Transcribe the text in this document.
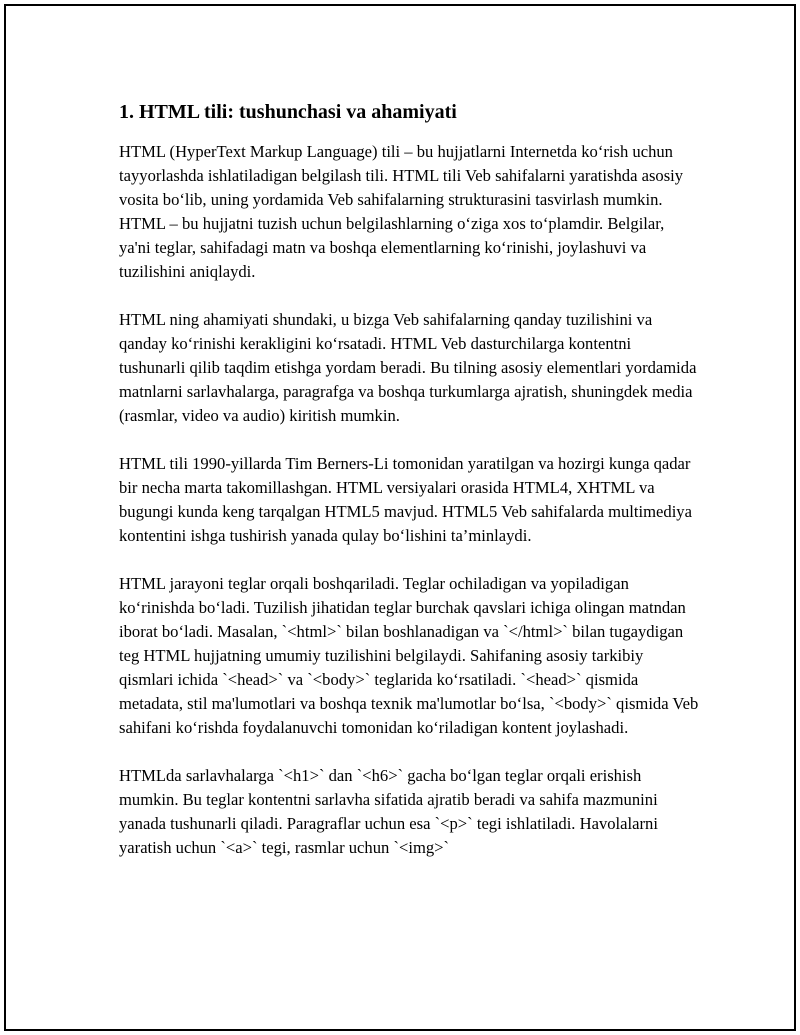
1. HTML tili: tushunchasi va ahamiyati

HTML (HyperText Markup Language) tili – bu hujjatlarni Internetda koʻrish uchun tayyorlashda ishlatiladigan belgilash tili. HTML tili Veb sahifalarni yaratishda asosiy vosita boʻlib, uning yordamida Veb sahifalarning strukturasini tasvirlash mumkin. HTML – bu hujjatni tuzish uchun belgilashlarning oʻziga xos toʻplamdir. Belgilar, ya'ni teglar, sahifadagi matn va boshqa elementlarning koʻrinishi, joylashuvi va tuzilishini aniqlaydi.

HTML ning ahamiyati shundaki, u bizga Veb sahifalarning qanday tuzilishini va qanday koʻrinishi kerakligini koʻrsatadi. HTML Veb dasturchilarga kontentni tushunarli qilib taqdim etishga yordam beradi. Bu tilning asosiy elementlari yordamida matnlarni sarlavhalarga, paragrafga va boshqa turkumlarga ajratish, shuningdek media (rasmlar, video va audio) kiritish mumkin.

HTML tili 1990-yillarda Tim Berners-Li tomonidan yaratilgan va hozirgi kunga qadar bir necha marta takomillashgan. HTML versiyalari orasida HTML4, XHTML va bugungi kunda keng tarqalgan HTML5 mavjud. HTML5 Veb sahifalarda multimediya kontentini ishga tushirish yanada qulay boʻlishini ta’minlaydi.

HTML jarayoni teglar orqali boshqariladi. Teglar ochiladigan va yopiladigan koʻrinishda boʻladi. Tuzilish jihatidan teglar burchak qavslari ichiga olingan matndan iborat boʻladi. Masalan, `<html>` bilan boshlanadigan va `</html>` bilan tugaydigan teg HTML hujjatning umumiy tuzilishini belgilaydi. Sahifaning asosiy tarkibiy qismlari ichida `<head>` va `<body>` teglarida koʻrsatiladi. `<head>` qismida metadata, stil ma'lumotlari va boshqa texnik ma'lumotlar boʻlsa, `<body>` qismida Veb sahifani koʻrishda foydalanuvchi tomonidan koʻriladigan kontent joylashadi.

HTMLda sarlavhalarga `<h1>` dan `<h6>` gacha boʻlgan teglar orqali erishish mumkin. Bu teglar kontentni sarlavha sifatida ajratib beradi va sahifa mazmunini yanada tushunarli qiladi. Paragraflar uchun esa `<p>` tegi ishlatiladi. Havolalarni yaratish uchun `<a>` tegi, rasmlar uchun `<img>`
